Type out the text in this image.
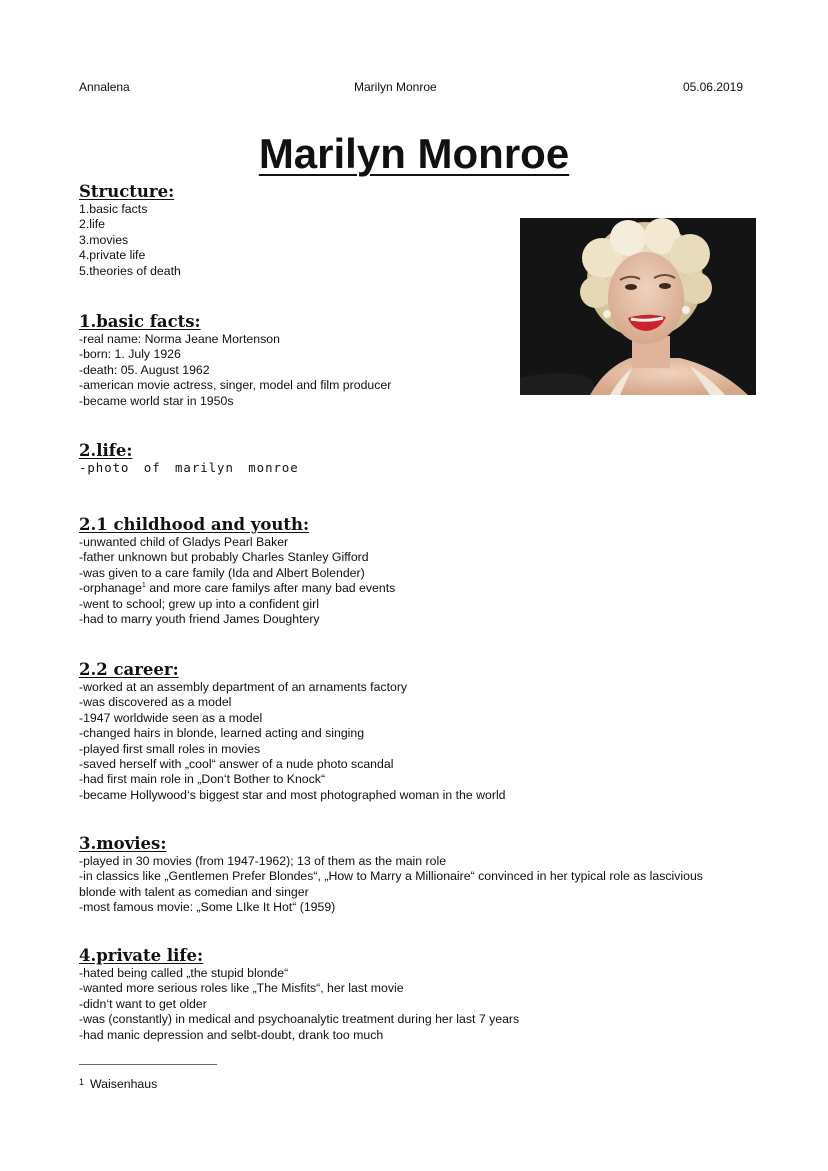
Annalena	Marilyn Monroe	05.06.2019
Marilyn Monroe
Structure:
1.basic facts
2.life
3.movies
4.private life
5.theories of death
1.basic facts:
-real name: Norma Jeane Mortenson
-born: 1. July 1926
-death: 05. August 1962
-american movie actress, singer, model and film producer
-became world star in 1950s
2.life:
-photo of marilyn monroe
2.1 childhood and youth:
-unwanted child of Gladys Pearl Baker
-father unknown but probably Charles Stanley Gifford
-was given to a care family (Ida and Albert Bolender)
-orphanage$^1$ and more care familys after many bad events
-went to school; grew up into a confident girl
-had to marry youth friend James Doughtery
2.2 career:
-worked at an assembly department of an arnaments factory
-was discovered as a model
-1947 worldwide seen as a model
-changed hairs in blonde, learned acting and singing
-played first small roles in movies
-saved herself with „cool“ answer of a nude photo scandal
-had first main role in „Don‘t Bother to Knock“
-became Hollywood‘s biggest star and most photographed woman in the world
3.movies:
-played in 30 movies (from 1947-1962); 13 of them as the main role
-in classics like „Gentlemen Prefer Blondes“, „How to Marry a Millionaire“ convinced in her typical role as lascivious
blonde with talent as comedian and singer
-most famous movie: „Some LIke It Hot“ (1959)
4.private life:
-hated being called „the stupid blonde“
-wanted more serious roles like „The Misfits“, her last movie
-didn‘t want to get older
-was (constantly) in medical and psychoanalytic treatment during her last 7 years
-had manic depression and selbt-doubt, drank too much
$^1$ Waisenhaus
